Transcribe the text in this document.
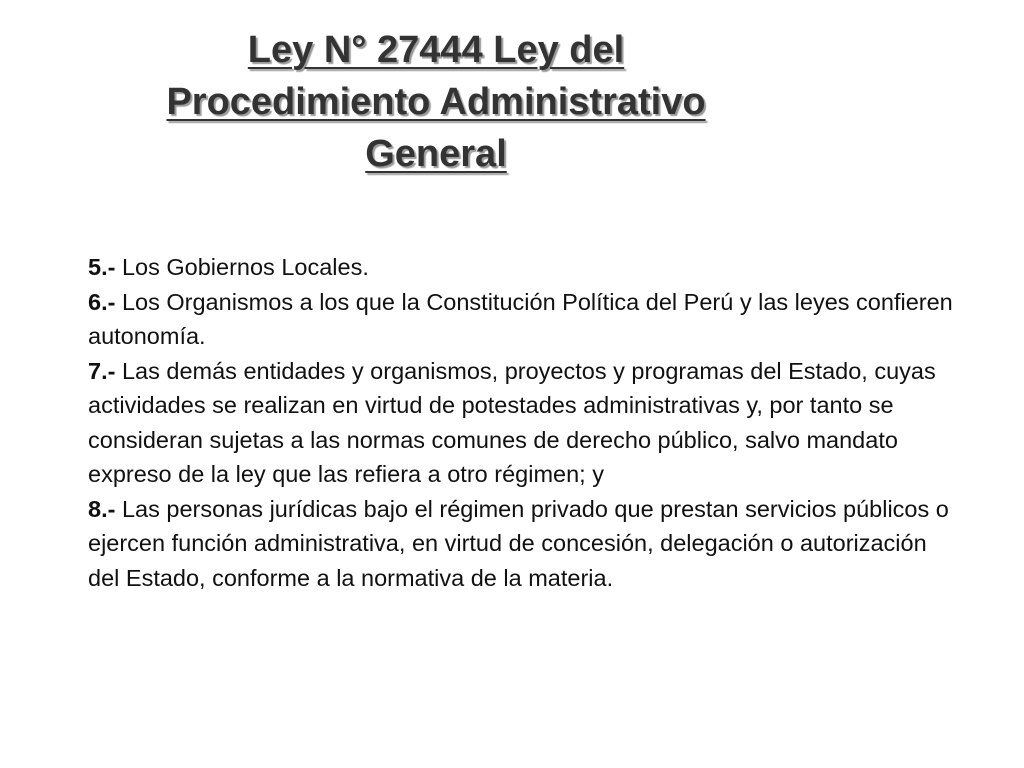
Ley N° 27444 Ley del
Procedimiento Administrativo
General

5.- Los Gobiernos Locales.

6.- Los Organismos a los que la Constitución Política del Perú y las leyes confieren autonomía.

7.- Las demás entidades y organismos, proyectos y programas del Estado, cuyas actividades se realizan en virtud de potestades administrativas y, por tanto se consideran sujetas a las normas comunes de derecho público, salvo mandato expreso de la ley que las refiera a otro régimen; y

8.- Las personas jurídicas bajo el régimen privado que prestan servicios públicos o ejercen función administrativa, en virtud de concesión, delegación o autorización del Estado, conforme a la normativa de la materia.
